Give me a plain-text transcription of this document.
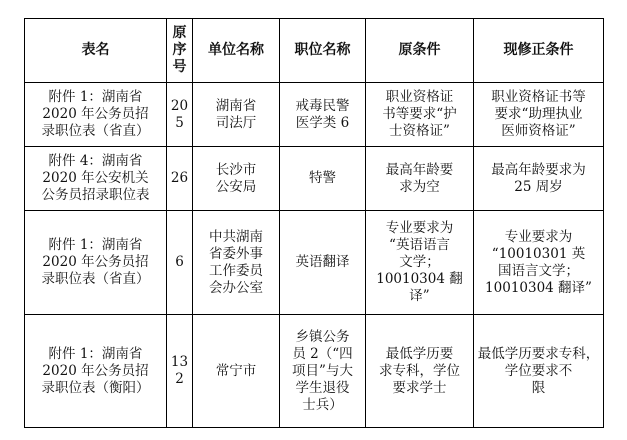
表名	原
序
号	单位名称	职位名称	原条件	现修正条件

附件 1：湖南省
2020 年公务员招
录职位表（省直）	205	湖南省
司法厅	戒毒民警
医学类 6	职业资格证
书等要求“护
士资格证”	职业资格证书等
要求“助理执业
医师资格证”

附件 4：湖南省
2020 年公安机关
公务员招录职位表	26	长沙市
公安局	特警	最高年龄要
求为空	最高年龄要求为
25 周岁

附件 1：湖南省
2020 年公务员招
录职位表（省直）	6	中共湖南
省委外事
工作委员
会办公室	英语翻译	专业要求为
“英语语言
文学；
10010304 翻
译”	专业要求为
“10010301 英
国语言文学；
10010304 翻译”

附件 1：湖南省
2020 年公务员招
录职位表（衡阳）	132	常宁市	乡镇公务
员 2（“四
项目”与大
学生退役
士兵）	最低学历要
求专科，学位
要求学士	最低学历要求专科，
学位要求不
限
